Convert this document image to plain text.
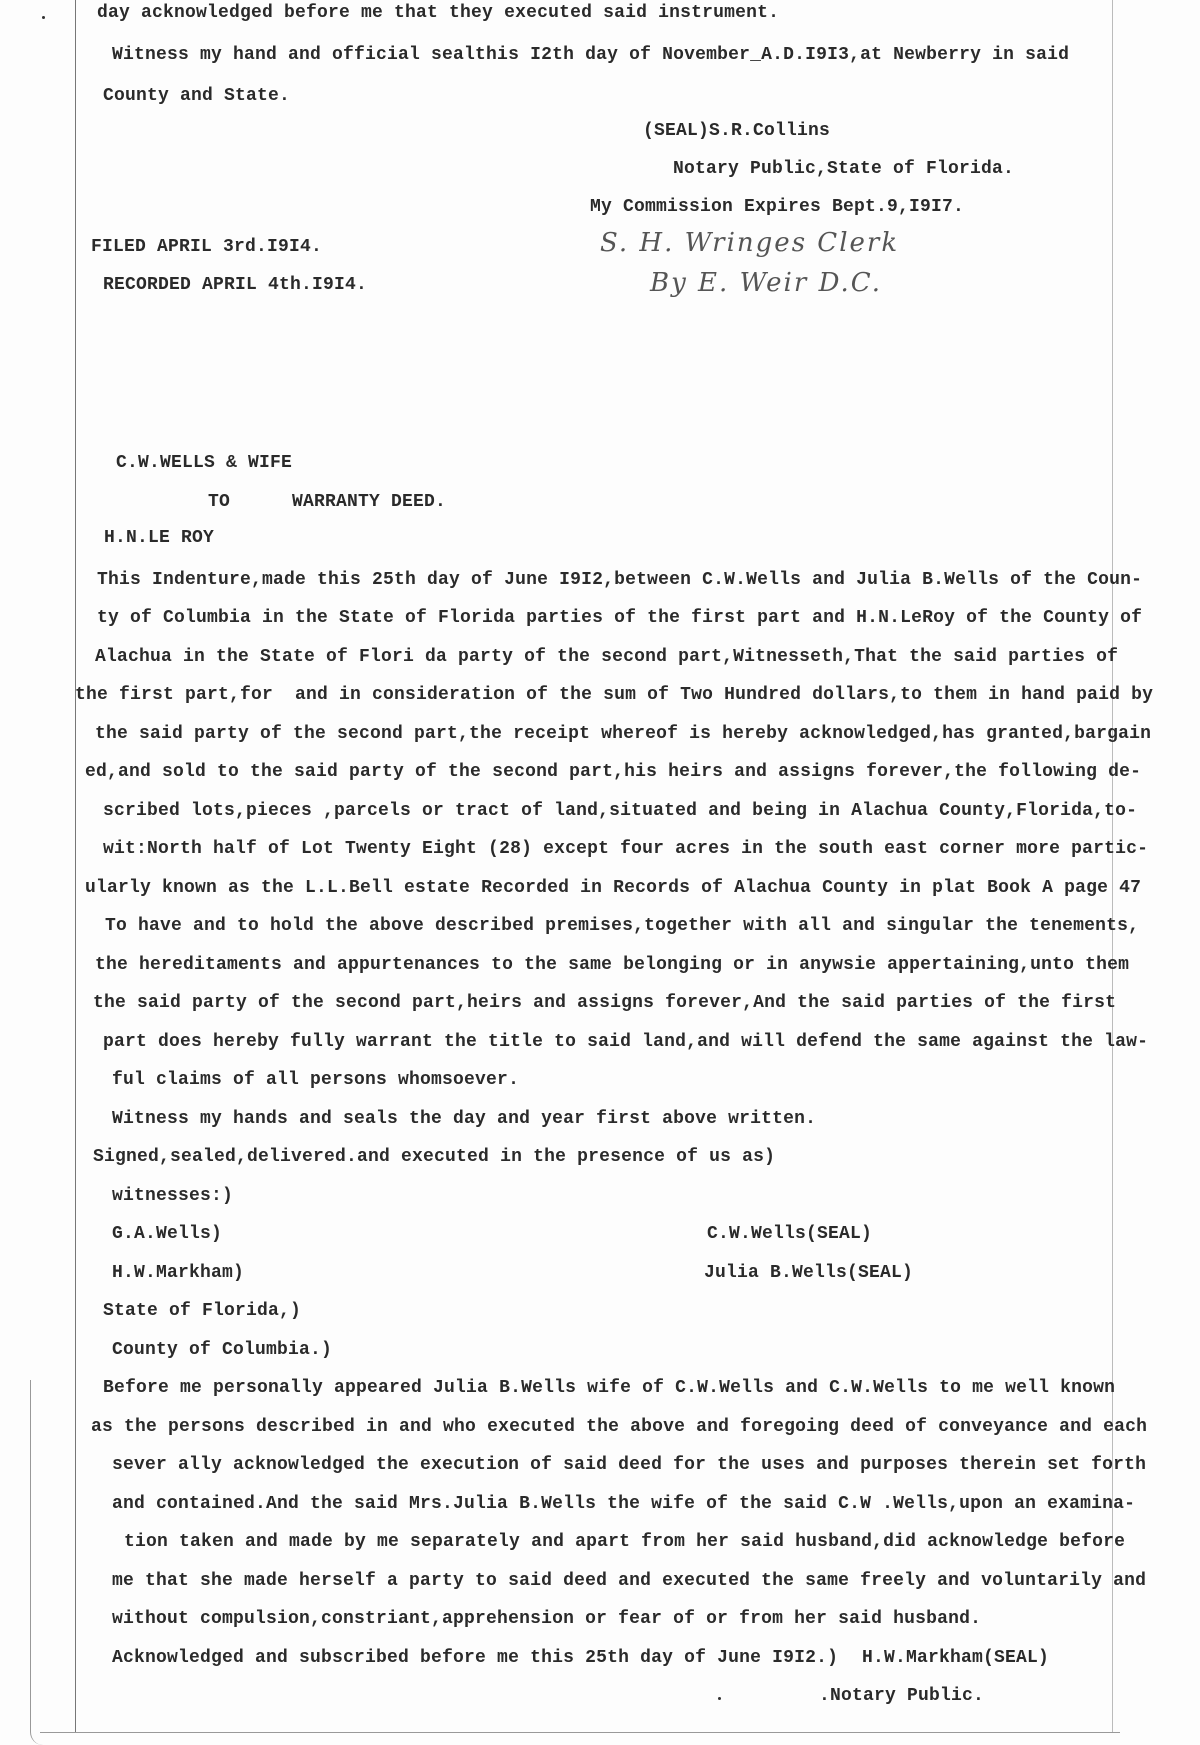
day acknowledged before me that they executed said instrument.
Witness my hand and official sealthis I2th day of November_A.D.I9I3,at Newberry in said
County and State.
(SEAL)S.R.Collins
Notary Public,State of Florida.
My Commission Expires Bept.9,I9I7.
FILED APRIL 3rd.I9I4.
RECORDED APRIL 4th.I9I4.
S. H. Wringes Clerk
By E. Weir D.C.
C.W.WELLS & WIFE
TO	WARRANTY DEED.
H.N.LE ROY
This Indenture,made this 25th day of June I9I2,between C.W.Wells and Julia B.Wells of the Coun-
ty of Columbia in the State of Florida parties of the first part and H.N.LeRoy of the County of
Alachua in the State of Flori da party of the second part,Witnesseth,That the said parties of
the first part,for  and in consideration of the sum of Two Hundred dollars,to them in hand paid by
the said party of the second part,the receipt whereof is hereby acknowledged,has granted,bargain
ed,and sold to the said party of the second part,his heirs and assigns forever,the following de-
scribed lots,pieces ,parcels or tract of land,situated and being in Alachua County,Florida,to-
wit:North half of Lot Twenty Eight (28) except four acres in the south east corner more partic-
ularly known as the L.L.Bell estate Recorded in Records of Alachua County in plat Book A page 47
To have and to hold the above described premises,together with all and singular the tenements,
the hereditaments and appurtenances to the same belonging or in anywsie appertaining,unto them
the said party of the second part,heirs and assigns forever,And the said parties of the first
part does hereby fully warrant the title to said land,and will defend the same against the law-
ful claims of all persons whomsoever.
Witness my hands and seals the day and year first above written.
Signed,sealed,delivered.and executed in the presence of us as)
witnesses:)
G.A.Wells)	C.W.Wells(SEAL)
H.W.Markham)	Julia B.Wells(SEAL)
State of Florida,)
County of Columbia.)
Before me personally appeared Julia B.Wells wife of C.W.Wells and C.W.Wells to me well known
as the persons described in and who executed the above and foregoing deed of conveyance and each
sever ally acknowledged the execution of said deed for the uses and purposes therein set forth
and contained.And the said Mrs.Julia B.Wells the wife of the said C.W .Wells,upon an examina-
tion taken and made by me separately and apart from her said husband,did acknowledge before
me that she made herself a party to said deed and executed the same freely and voluntarily and
without compulsion,constriant,apprehension or fear of or from her said husband.
Acknowledged and subscribed before me this 25th day of June I9I2.) H.W.Markham(SEAL)
.Notary Public.
